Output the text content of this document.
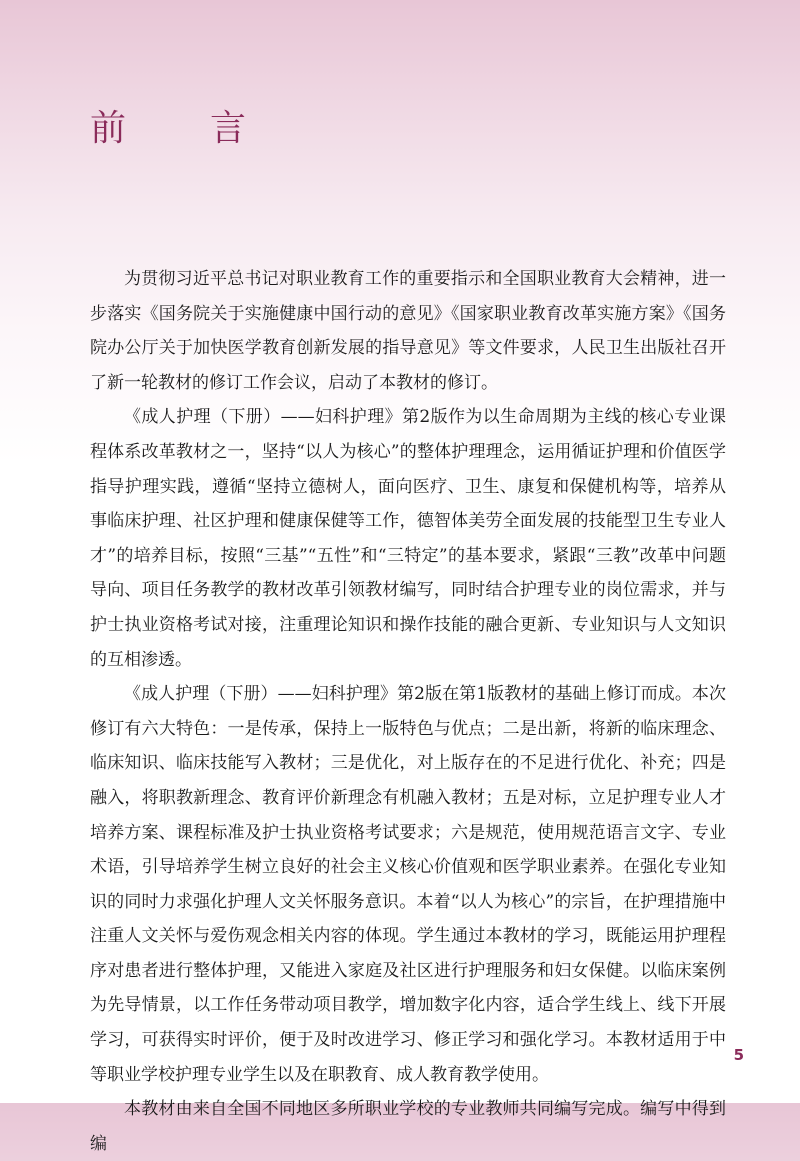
前　言

为贯彻习近平总书记对职业教育工作的重要指示和全国职业教育大会精神，进一步落实《国务院关于实施健康中国行动的意见》《国家职业教育改革实施方案》《国务院办公厅关于加快医学教育创新发展的指导意见》等文件要求，人民卫生出版社召开了新一轮教材的修订工作会议，启动了本教材的修订。

《成人护理（下册）——妇科护理》第2版作为以生命周期为主线的核心专业课程体系改革教材之一，坚持“以人为核心”的整体护理理念，运用循证护理和价值医学指导护理实践，遵循“坚持立德树人，面向医疗、卫生、康复和保健机构等，培养从事临床护理、社区护理和健康保健等工作，德智体美劳全面发展的技能型卫生专业人才”的培养目标，按照“三基”“五性”和“三特定”的基本要求，紧跟“三教”改革中问题导向、项目任务教学的教材改革引领教材编写，同时结合护理专业的岗位需求，并与护士执业资格考试对接，注重理论知识和操作技能的融合更新、专业知识与人文知识的互相渗透。

《成人护理（下册）——妇科护理》第2版在第1版教材的基础上修订而成。本次修订有六大特色：一是传承，保持上一版特色与优点；二是出新，将新的临床理念、临床知识、临床技能写入教材；三是优化，对上版存在的不足进行优化、补充；四是融入，将职教新理念、教育评价新理念有机融入教材；五是对标，立足护理专业人才培养方案、课程标准及护士执业资格考试要求；六是规范，使用规范语言文字、专业术语，引导培养学生树立良好的社会主义核心价值观和医学职业素养。在强化专业知识的同时力求强化护理人文关怀服务意识。本着“以人为核心”的宗旨，在护理措施中注重人文关怀与爱伤观念相关内容的体现。学生通过本教材的学习，既能运用护理程序对患者进行整体护理，又能进入家庭及社区进行护理服务和妇女保健。以临床案例为先导情景，以工作任务带动项目教学，增加数字化内容，适合学生线上、线下开展学习，可获得实时评价，便于及时改进学习、修正学习和强化学习。本教材适用于中等职业学校护理专业学生以及在职教育、成人教育教学使用。

本教材由来自全国不同地区多所职业学校的专业教师共同编写完成。编写中得到编

5
